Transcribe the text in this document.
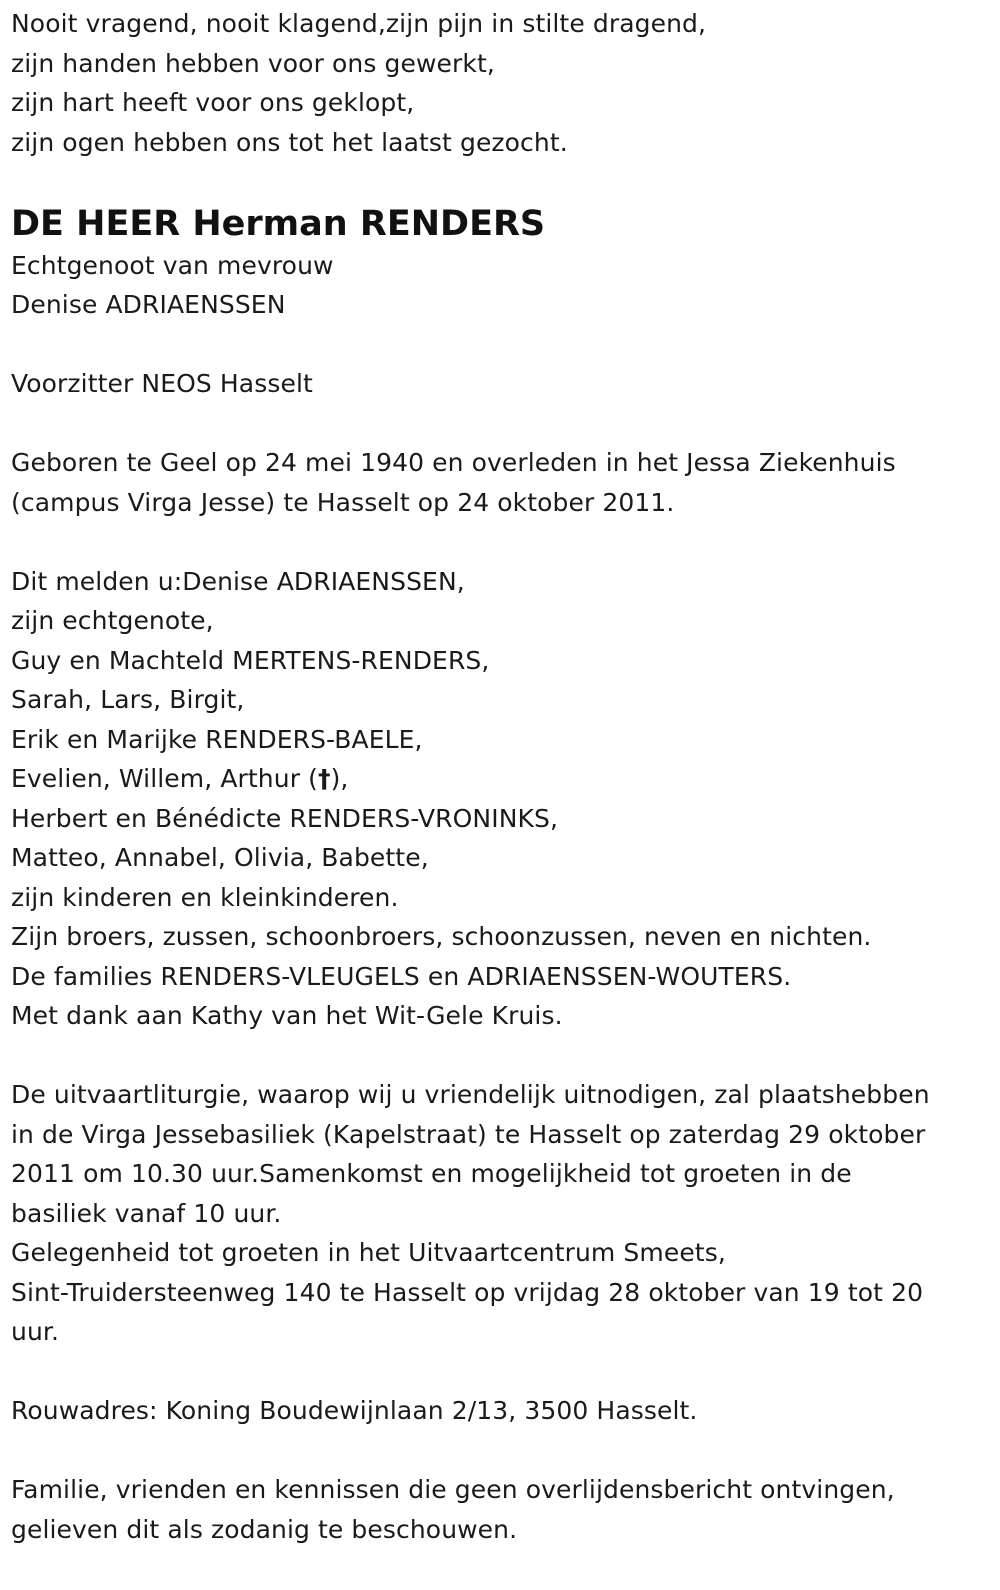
Nooit vragend, nooit klagend,zijn pijn in stilte dragend,
zijn handen hebben voor ons gewerkt,
zijn hart heeft voor ons geklopt,
zijn ogen hebben ons tot het laatst gezocht.
DE HEER Herman RENDERS
Echtgenoot van mevrouw
Denise ADRIAENSSEN
Voorzitter NEOS Hasselt
Geboren te Geel op 24 mei 1940 en overleden in het Jessa Ziekenhuis
(campus Virga Jesse) te Hasselt op 24 oktober 2011.
Dit melden u:Denise ADRIAENSSEN,
zijn echtgenote,
Guy en Machteld MERTENS-RENDERS,
Sarah, Lars, Birgit,
Erik en Marijke RENDERS-BAELE,
Evelien, Willem, Arthur (†),
Herbert en Bénédicte RENDERS-VRONINKS,
Matteo, Annabel, Olivia, Babette,
zijn kinderen en kleinkinderen.
Zijn broers, zussen, schoonbroers, schoonzussen, neven en nichten.
De families RENDERS-VLEUGELS en ADRIAENSSEN-WOUTERS.
Met dank aan Kathy van het Wit-Gele Kruis.
De uitvaartliturgie, waarop wij u vriendelijk uitnodigen, zal plaatshebben
in de Virga Jessebasiliek (Kapelstraat) te Hasselt op zaterdag 29 oktober
2011 om 10.30 uur.Samenkomst en mogelijkheid tot groeten in de
basiliek vanaf 10 uur.
Gelegenheid tot groeten in het Uitvaartcentrum Smeets,
Sint-Truidersteenweg 140 te Hasselt op vrijdag 28 oktober van 19 tot 20
uur.
Rouwadres: Koning Boudewijnlaan 2/13, 3500 Hasselt.
Familie, vrienden en kennissen die geen overlijdensbericht ontvingen,
gelieven dit als zodanig te beschouwen.
